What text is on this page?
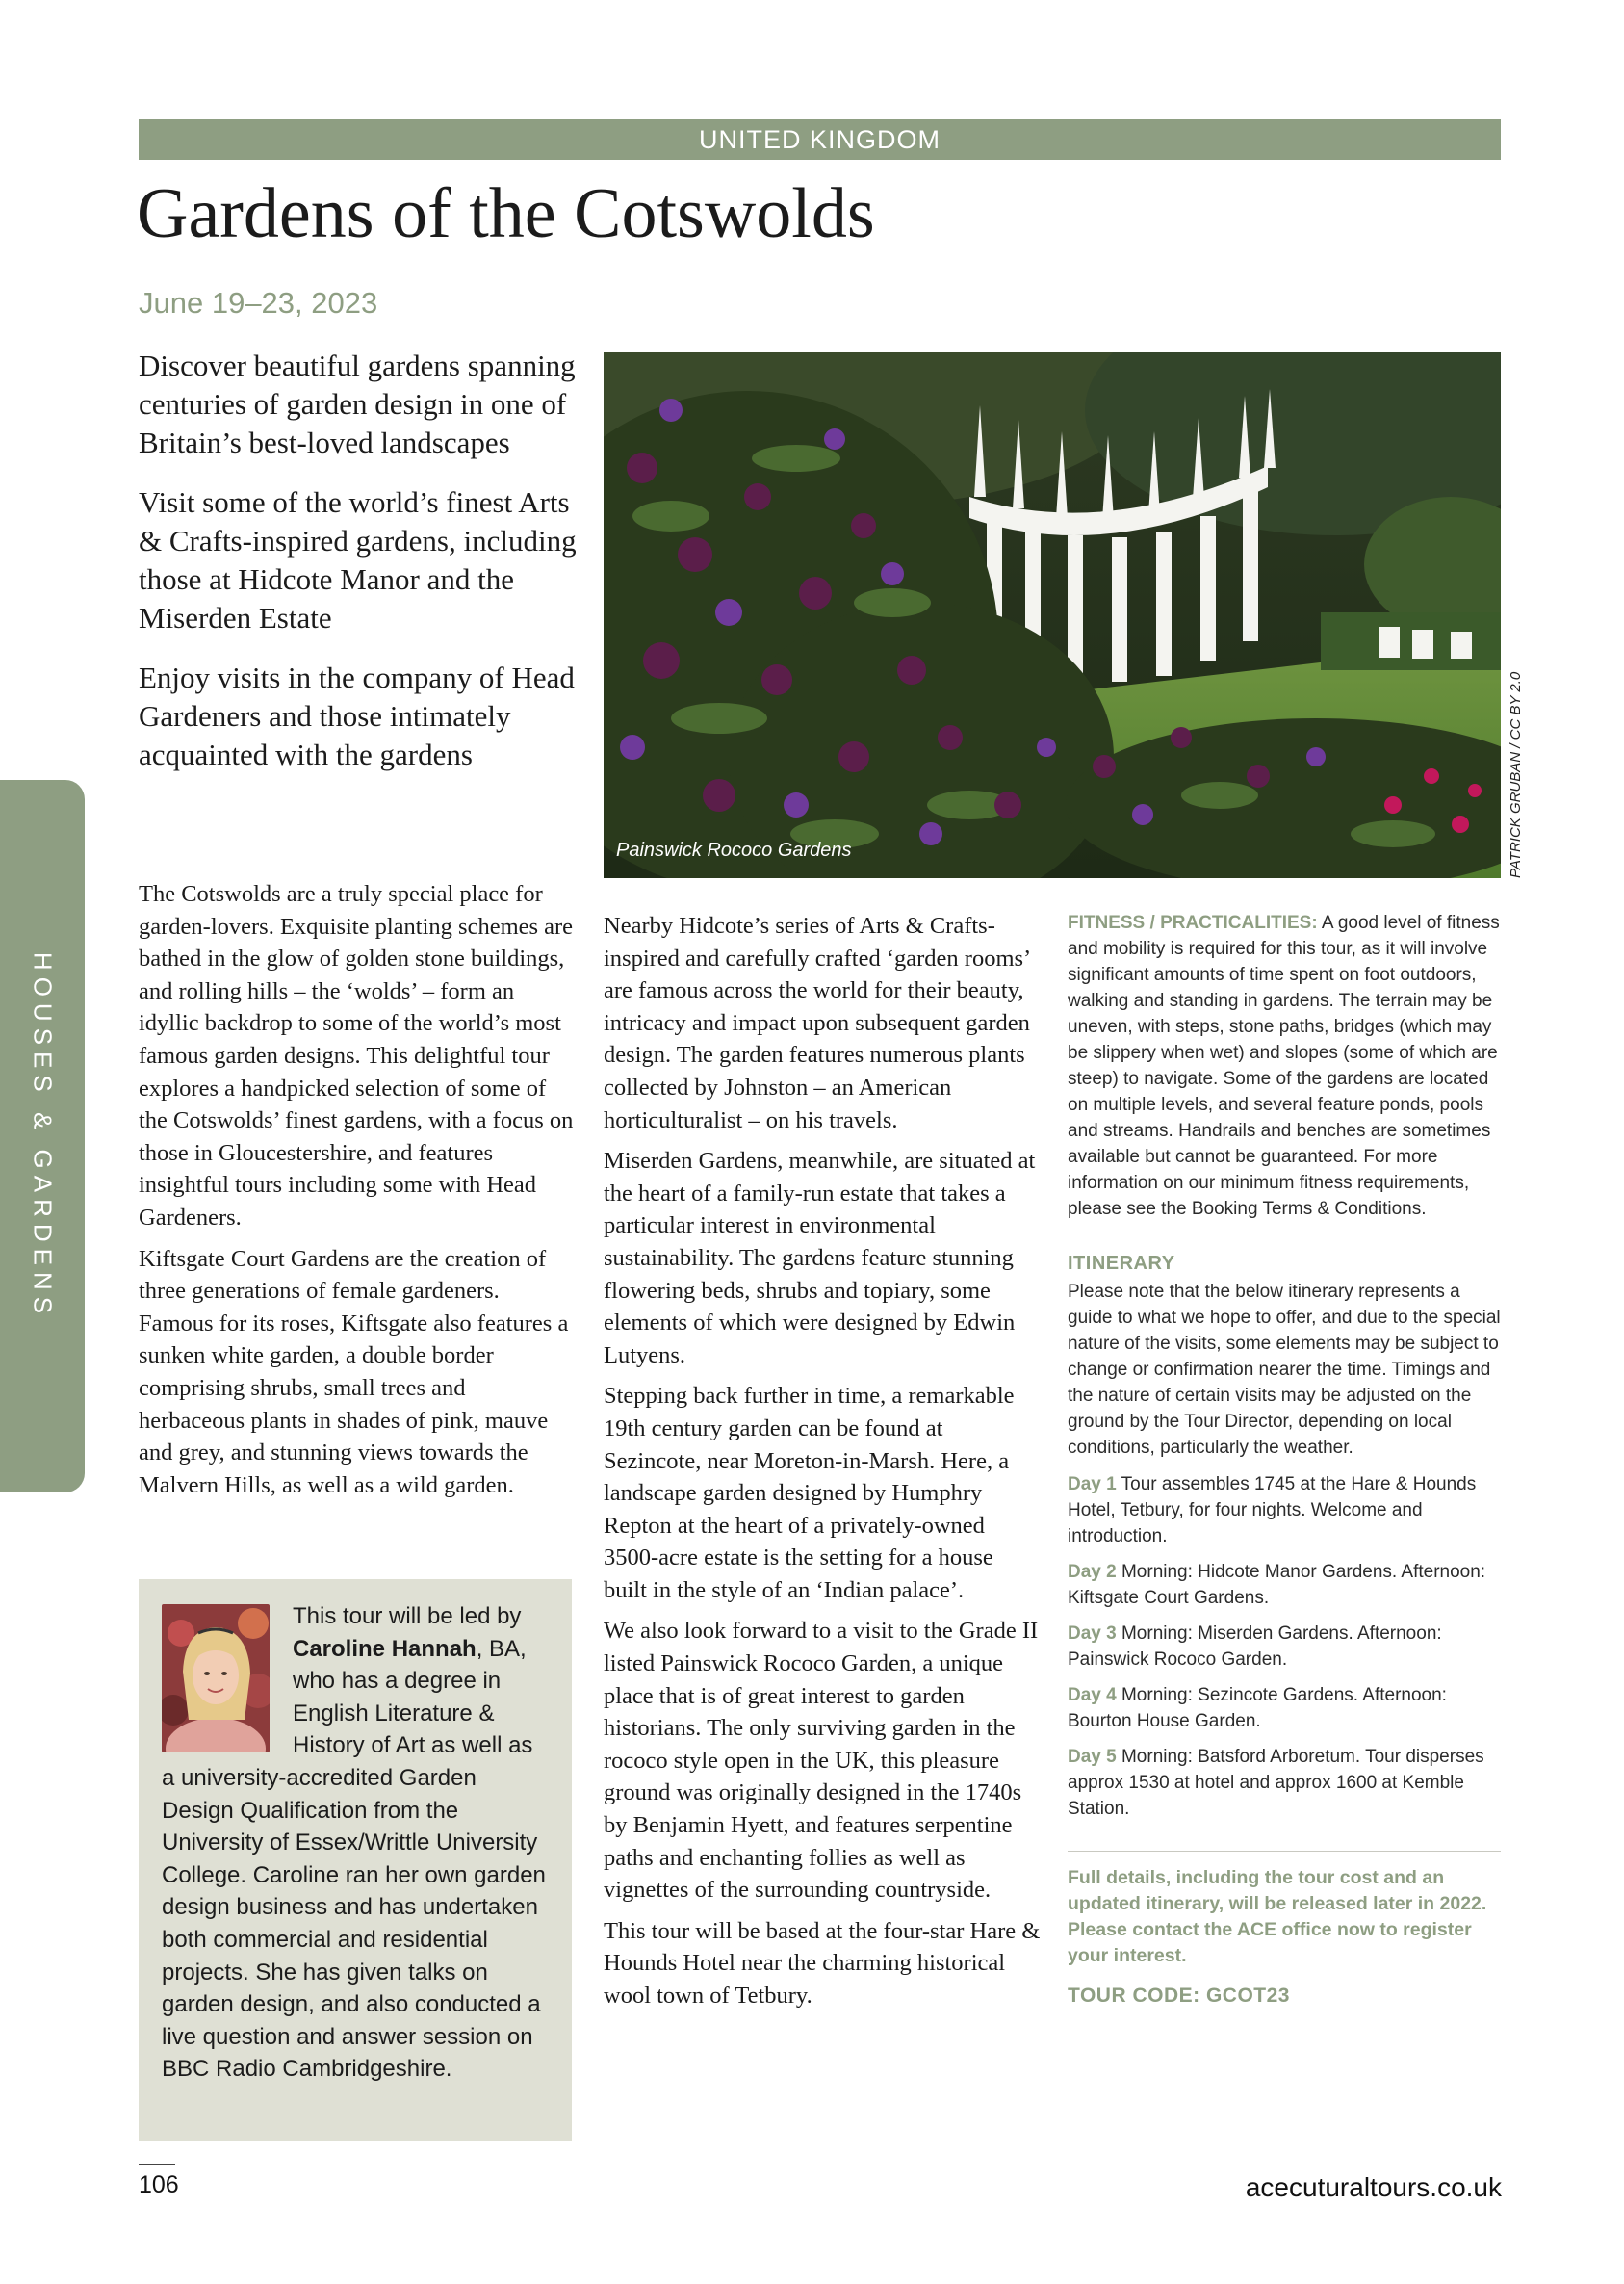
UNITED KINGDOM
Gardens of the Cotswolds
June 19–23, 2023
HOUSES & GARDENS

Discover beautiful gardens spanning centuries of garden design in one of Britain’s best-loved landscapes

Visit some of the world’s finest Arts & Crafts-inspired gardens, including those at Hidcote Manor and the Miserden Estate

Enjoy visits in the company of Head Gardeners and those intimately acquainted with the gardens

Painswick Rococo Gardens	PATRICK GRUBAN / CC BY 2.0

The Cotswolds are a truly special place for garden-lovers. Exquisite planting schemes are bathed in the glow of golden stone buildings, and rolling hills – the ‘wolds’ – form an idyllic backdrop to some of the world’s most famous garden designs. This delightful tour explores a handpicked selection of some of the Cotswolds’ finest gardens, with a focus on those in Gloucestershire, and features insightful tours including some with Head Gardeners.

Kiftsgate Court Gardens are the creation of three generations of female gardeners. Famous for its roses, Kiftsgate also features a sunken white garden, a double border comprising shrubs, small trees and herbaceous plants in shades of pink, mauve and grey, and stunning views towards the Malvern Hills, as well as a wild garden.

This tour will be led by Caroline Hannah, BA, who has a degree in English Literature & History of Art as well as a university-accredited Garden Design Qualification from the University of Essex/Writtle University College. Caroline ran her own garden design business and has undertaken both commercial and residential projects. She has given talks on garden design, and also conducted a live question and answer session on BBC Radio Cambridgeshire.

Nearby Hidcote’s series of Arts & Crafts-inspired and carefully crafted ‘garden rooms’ are famous across the world for their beauty, intricacy and impact upon subsequent garden design. The garden features numerous plants collected by Johnston – an American horticulturalist – on his travels.

Miserden Gardens, meanwhile, are situated at the heart of a family-run estate that takes a particular interest in environmental sustainability. The gardens feature stunning flowering beds, shrubs and topiary, some elements of which were designed by Edwin Lutyens.

Stepping back further in time, a remarkable 19th century garden can be found at Sezincote, near Moreton-in-Marsh. Here, a landscape garden designed by Humphry Repton at the heart of a privately-owned 3500-acre estate is the setting for a house built in the style of an ‘Indian palace’.

We also look forward to a visit to the Grade II listed Painswick Rococo Garden, a unique place that is of great interest to garden historians. The only surviving garden in the rococo style open in the UK, this pleasure ground was originally designed in the 1740s by Benjamin Hyett, and features serpentine paths and enchanting follies as well as vignettes of the surrounding countryside.

This tour will be based at the four-star Hare & Hounds Hotel near the charming historical wool town of Tetbury.

FITNESS / PRACTICALITIES: A good level of fitness and mobility is required for this tour, as it will involve significant amounts of time spent on foot outdoors, walking and standing in gardens. The terrain may be uneven, with steps, stone paths, bridges (which may be slippery when wet) and slopes (some of which are steep) to navigate. Some of the gardens are located on multiple levels, and several feature ponds, pools and streams. Handrails and benches are sometimes available but cannot be guaranteed. For more information on our minimum fitness requirements, please see the Booking Terms & Conditions.

ITINERARY

Please note that the below itinerary represents a guide to what we hope to offer, and due to the special nature of the visits, some elements may be subject to change or confirmation nearer the time. Timings and the nature of certain visits may be adjusted on the ground by the Tour Director, depending on local conditions, particularly the weather.

Day 1 Tour assembles 1745 at the Hare & Hounds Hotel, Tetbury, for four nights. Welcome and introduction.
Day 2 Morning: Hidcote Manor Gardens. Afternoon: Kiftsgate Court Gardens.
Day 3 Morning: Miserden Gardens. Afternoon: Painswick Rococo Garden.
Day 4 Morning: Sezincote Gardens. Afternoon: Bourton House Garden.
Day 5 Morning: Batsford Arboretum. Tour disperses approx 1530 at hotel and approx 1600 at Kemble Station.
Full details, including the tour cost and an updated itinerary, will be released later in 2022. Please contact the ACE office now to register your interest.
TOUR CODE: GCOT23
106	acecuturaltours.co.uk
